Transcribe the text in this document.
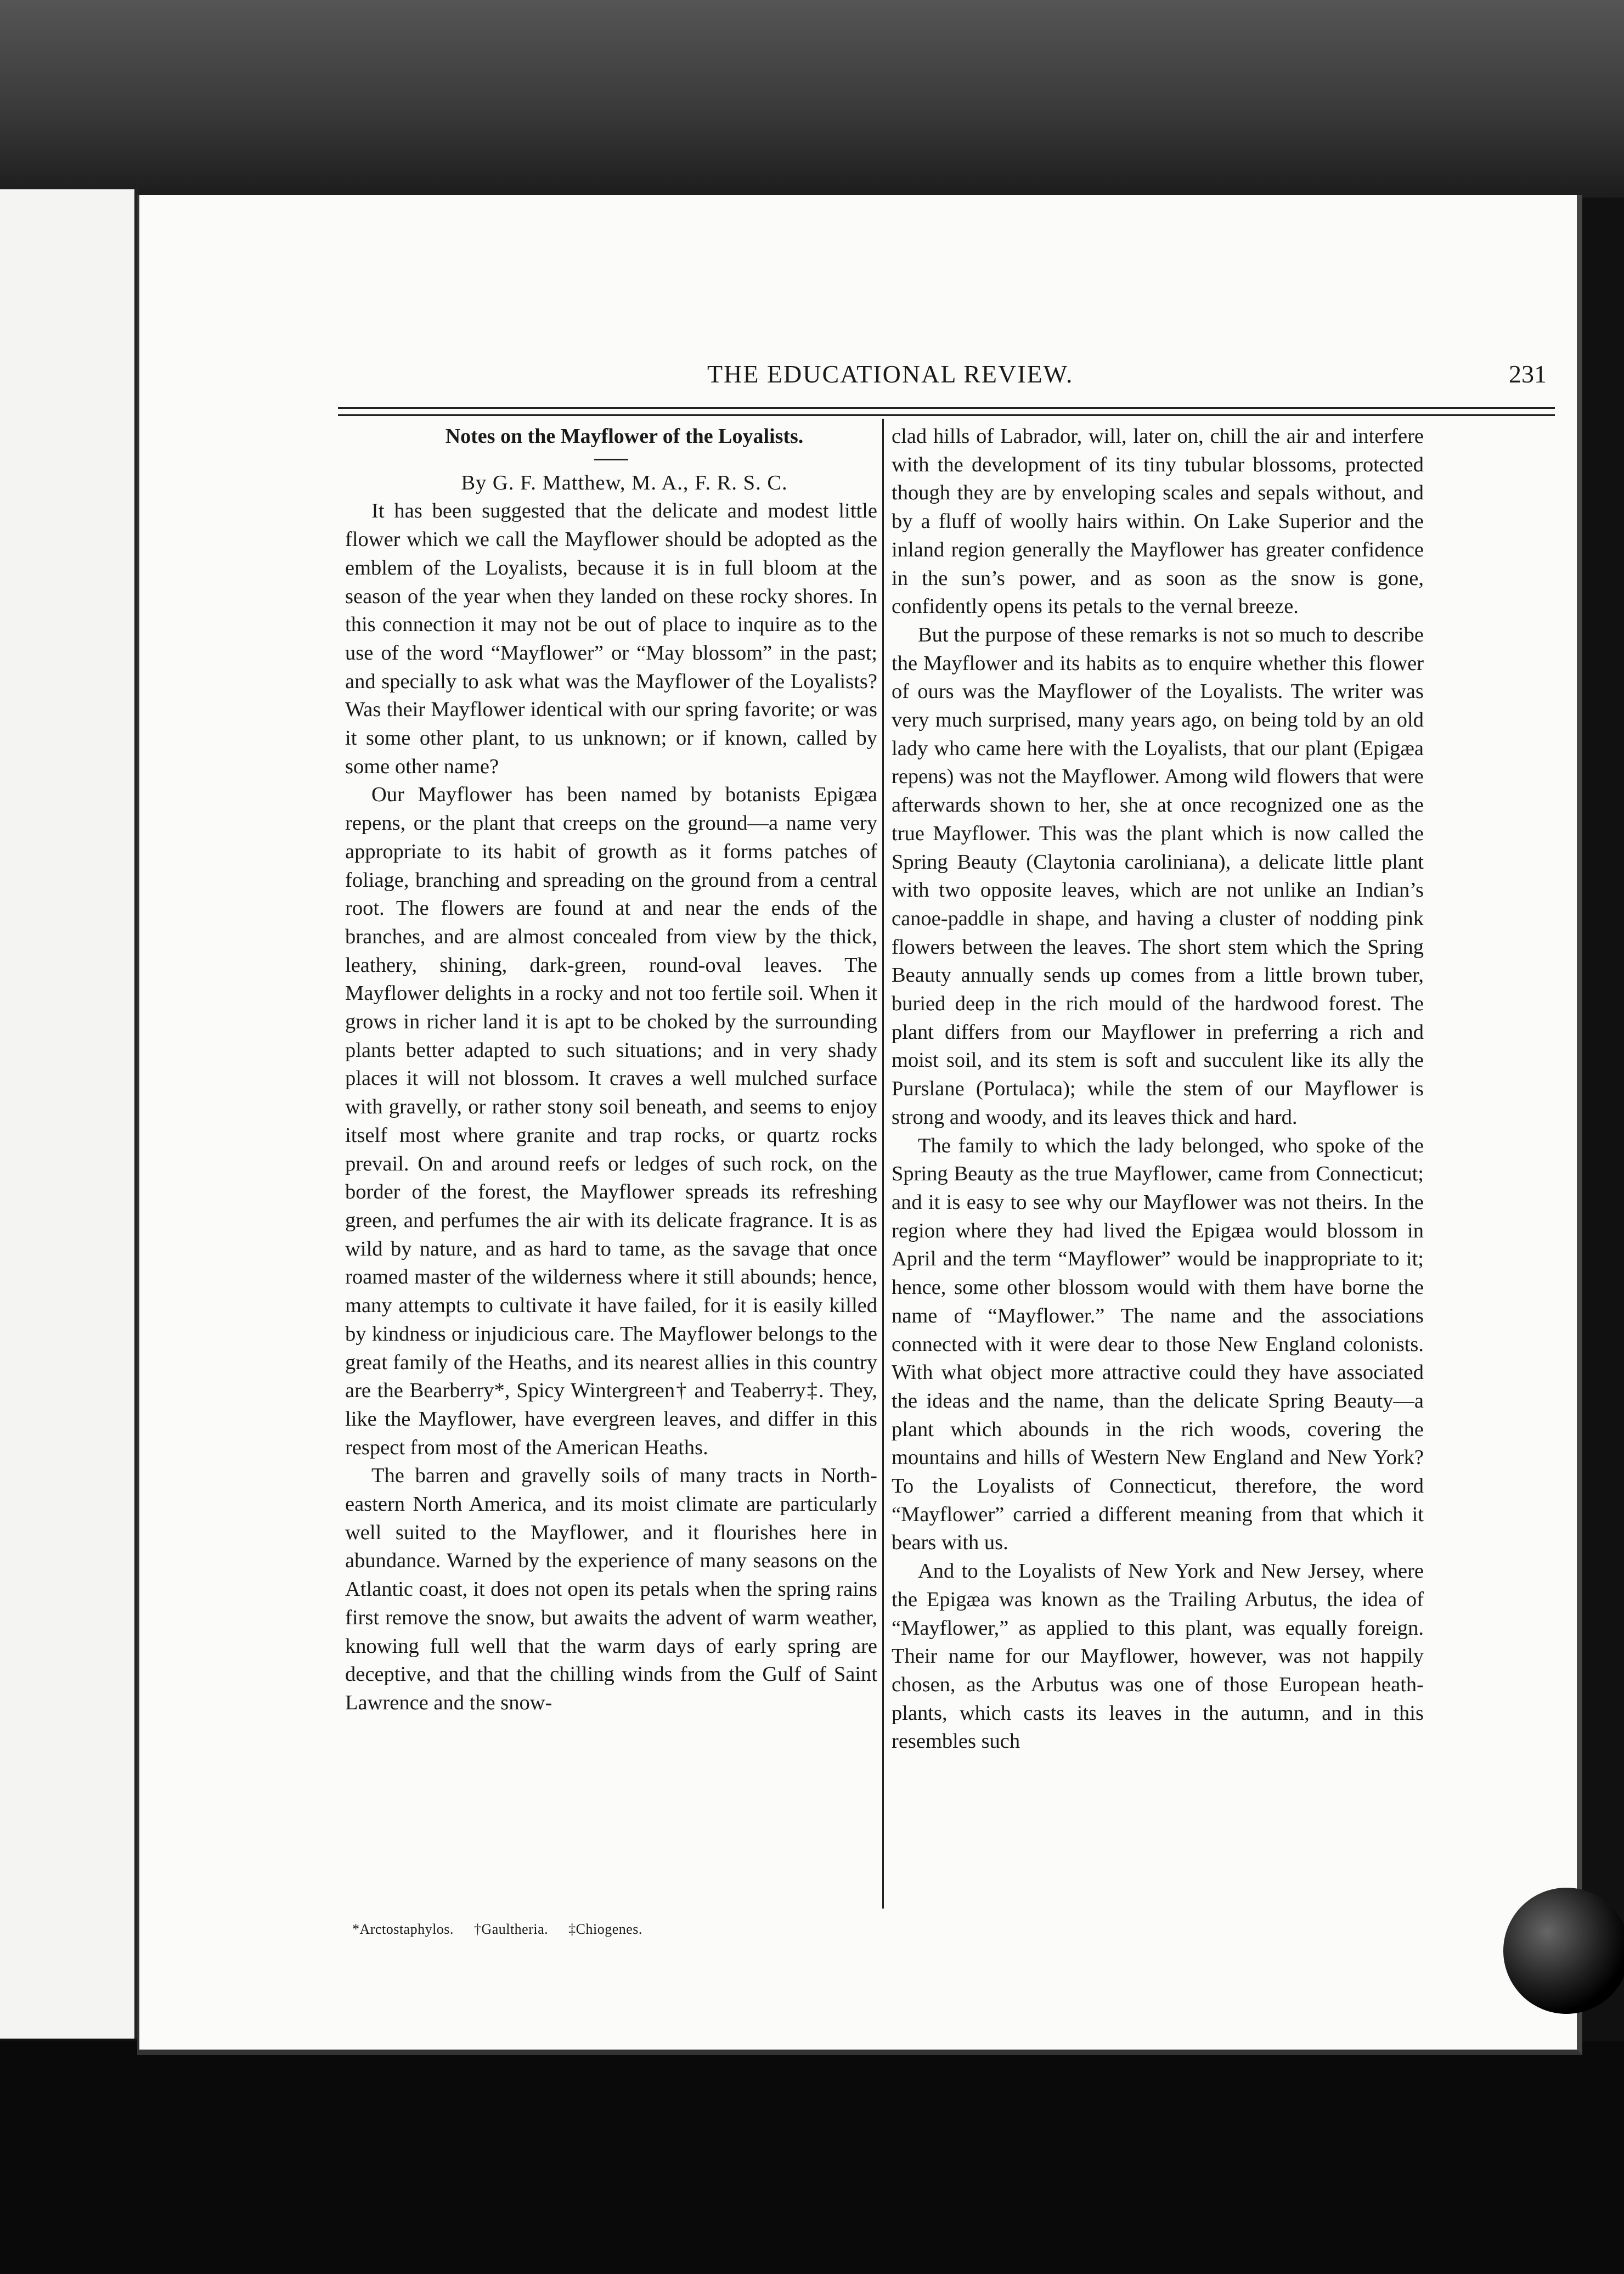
THE EDUCATIONAL REVIEW.	231

Notes on the Mayflower of the Loyalists.

By G. F. Matthew, M. A., F. R. S. C.

It has been suggested that the delicate and modest little flower which we call the Mayflower should be adopted as the emblem of the Loyalists, because it is in full bloom at the season of the year when they landed on these rocky shores. In this connection it may not be out of place to inquire as to the use of the word “Mayflower” or “May blossom” in the past; and specially to ask what was the Mayflower of the Loyalists? Was their Mayflower identical with our spring favorite; or was it some other plant, to us unknown; or if known, called by some other name?

Our Mayflower has been named by botanists Epigæa repens, or the plant that creeps on the ground—a name very appropriate to its habit of growth as it forms patches of foliage, branching and spreading on the ground from a central root. The flowers are found at and near the ends of the branches, and are almost concealed from view by the thick, leathery, shining, dark-green, round-oval leaves. The Mayflower delights in a rocky and not too fertile soil. When it grows in richer land it is apt to be choked by the surrounding plants better adapted to such situations; and in very shady places it will not blossom. It craves a well mulched surface with gravelly, or rather stony soil beneath, and seems to enjoy itself most where granite and trap rocks, or quartz rocks prevail. On and around reefs or ledges of such rock, on the border of the forest, the Mayflower spreads its refreshing green, and perfumes the air with its delicate fragrance. It is as wild by nature, and as hard to tame, as the savage that once roamed master of the wilderness where it still abounds; hence, many attempts to cultivate it have failed, for it is easily killed by kindness or injudicious care. The Mayflower belongs to the great family of the Heaths, and its nearest allies in this country are the Bearberry*, Spicy Wintergreen† and Teaberry‡. They, like the Mayflower, have evergreen leaves, and differ in this respect from most of the American Heaths.

The barren and gravelly soils of many tracts in North-eastern North America, and its moist climate are particularly well suited to the Mayflower, and it flourishes here in abundance. Warned by the experience of many seasons on the Atlantic coast, it does not open its petals when the spring rains first remove the snow, but awaits the advent of warm weather, knowing full well that the warm days of early spring are deceptive, and that the chilling winds from the Gulf of Saint Lawrence and the snow-

clad hills of Labrador, will, later on, chill the air and interfere with the development of its tiny tubular blossoms, protected though they are by enveloping scales and sepals without, and by a fluff of woolly hairs within. On Lake Superior and the inland region generally the Mayflower has greater confidence in the sun’s power, and as soon as the snow is gone, confidently opens its petals to the vernal breeze.

But the purpose of these remarks is not so much to describe the Mayflower and its habits as to enquire whether this flower of ours was the Mayflower of the Loyalists. The writer was very much surprised, many years ago, on being told by an old lady who came here with the Loyalists, that our plant (Epigæa repens) was not the Mayflower. Among wild flowers that were afterwards shown to her, she at once recognized one as the true Mayflower. This was the plant which is now called the Spring Beauty (Claytonia caroliniana), a delicate little plant with two opposite leaves, which are not unlike an Indian’s canoe-paddle in shape, and having a cluster of nodding pink flowers between the leaves. The short stem which the Spring Beauty annually sends up comes from a little brown tuber, buried deep in the rich mould of the hardwood forest. The plant differs from our Mayflower in preferring a rich and moist soil, and its stem is soft and succulent like its ally the Purslane (Portulaca); while the stem of our Mayflower is strong and woody, and its leaves thick and hard.

The family to which the lady belonged, who spoke of the Spring Beauty as the true Mayflower, came from Connecticut; and it is easy to see why our Mayflower was not theirs. In the region where they had lived the Epigæa would blossom in April and the term “Mayflower” would be inappropriate to it; hence, some other blossom would with them have borne the name of “Mayflower.” The name and the associations connected with it were dear to those New England colonists. With what object more attractive could they have associated the ideas and the name, than the delicate Spring Beauty—a plant which abounds in the rich woods, covering the mountains and hills of Western New England and New York? To the Loyalists of Connecticut, therefore, the word “Mayflower” carried a different meaning from that which it bears with us.

And to the Loyalists of New York and New Jersey, where the Epigæa was known as the Trailing Arbutus, the idea of “Mayflower,” as applied to this plant, was equally foreign. Their name for our Mayflower, however, was not happily chosen, as the Arbutus was one of those European heath-plants, which casts its leaves in the autumn, and in this resembles such

*Arctostaphylos. †Gaultheria. ‡Chiogenes.
